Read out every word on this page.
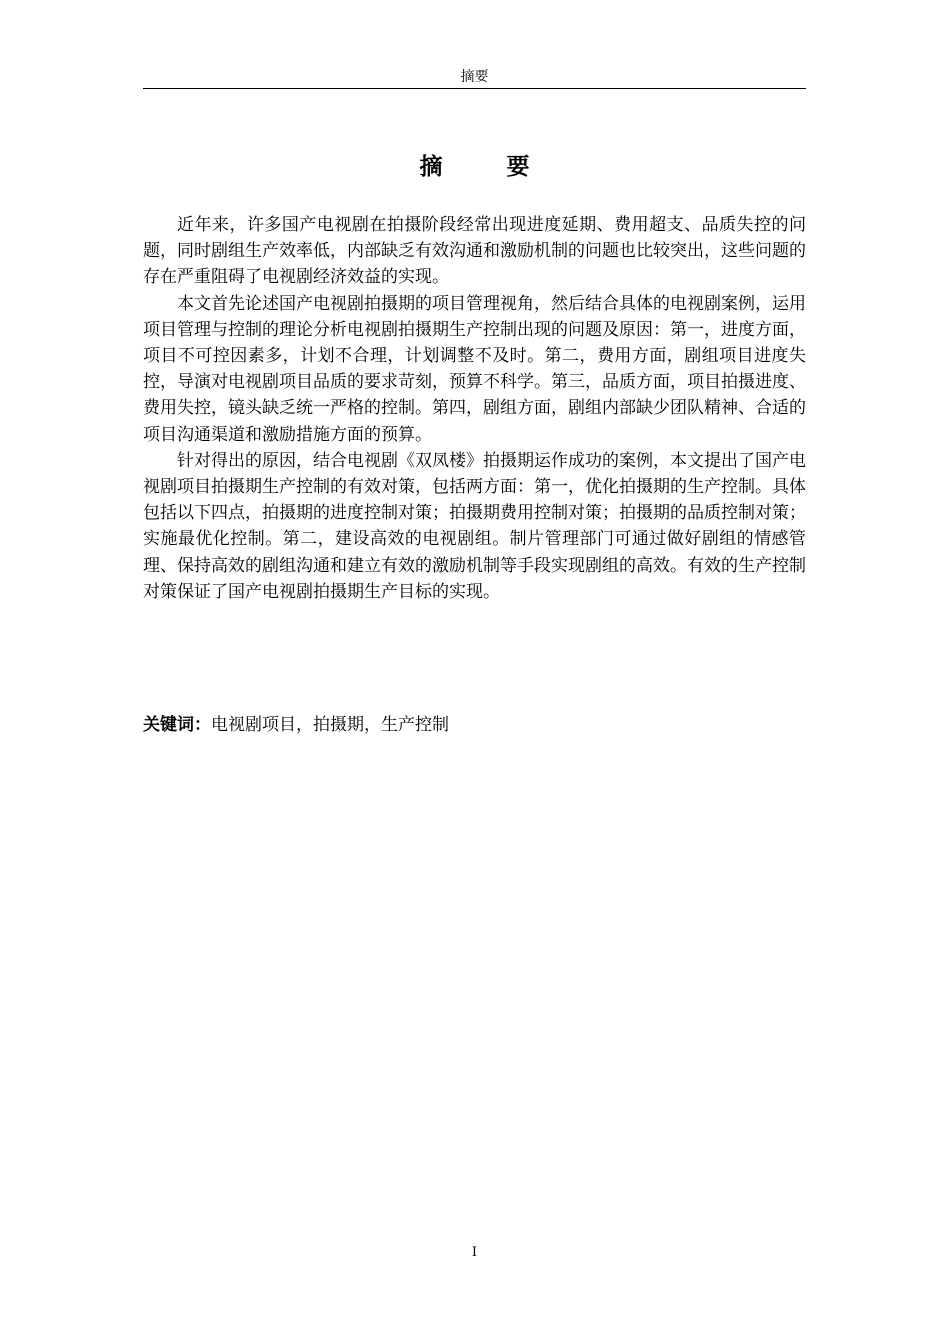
摘要
摘 要

近年来，许多国产电视剧在拍摄阶段经常出现进度延期、费用超支、品质失控的问题，同时剧组生产效率低，内部缺乏有效沟通和激励机制的问题也比较突出，这些问题的存在严重阻碍了电视剧经济效益的实现。

本文首先论述国产电视剧拍摄期的项目管理视角，然后结合具体的电视剧案例，运用项目管理与控制的理论分析电视剧拍摄期生产控制出现的问题及原因：第一，进度方面，项目不可控因素多，计划不合理，计划调整不及时。第二，费用方面，剧组项目进度失控，导演对电视剧项目品质的要求苛刻，预算不科学。第三，品质方面，项目拍摄进度、费用失控，镜头缺乏统一严格的控制。第四，剧组方面，剧组内部缺少团队精神、合适的项目沟通渠道和激励措施方面的预算。

针对得出的原因，结合电视剧《双凤楼》拍摄期运作成功的案例，本文提出了国产电视剧项目拍摄期生产控制的有效对策，包括两方面：第一，优化拍摄期的生产控制。具体包括以下四点，拍摄期的进度控制对策；拍摄期费用控制对策；拍摄期的品质控制对策；实施最优化控制。第二，建设高效的电视剧组。制片管理部门可通过做好剧组的情感管理、保持高效的剧组沟通和建立有效的激励机制等手段实现剧组的高效。有效的生产控制对策保证了国产电视剧拍摄期生产目标的实现。

关键词：电视剧项目，拍摄期，生产控制
I
